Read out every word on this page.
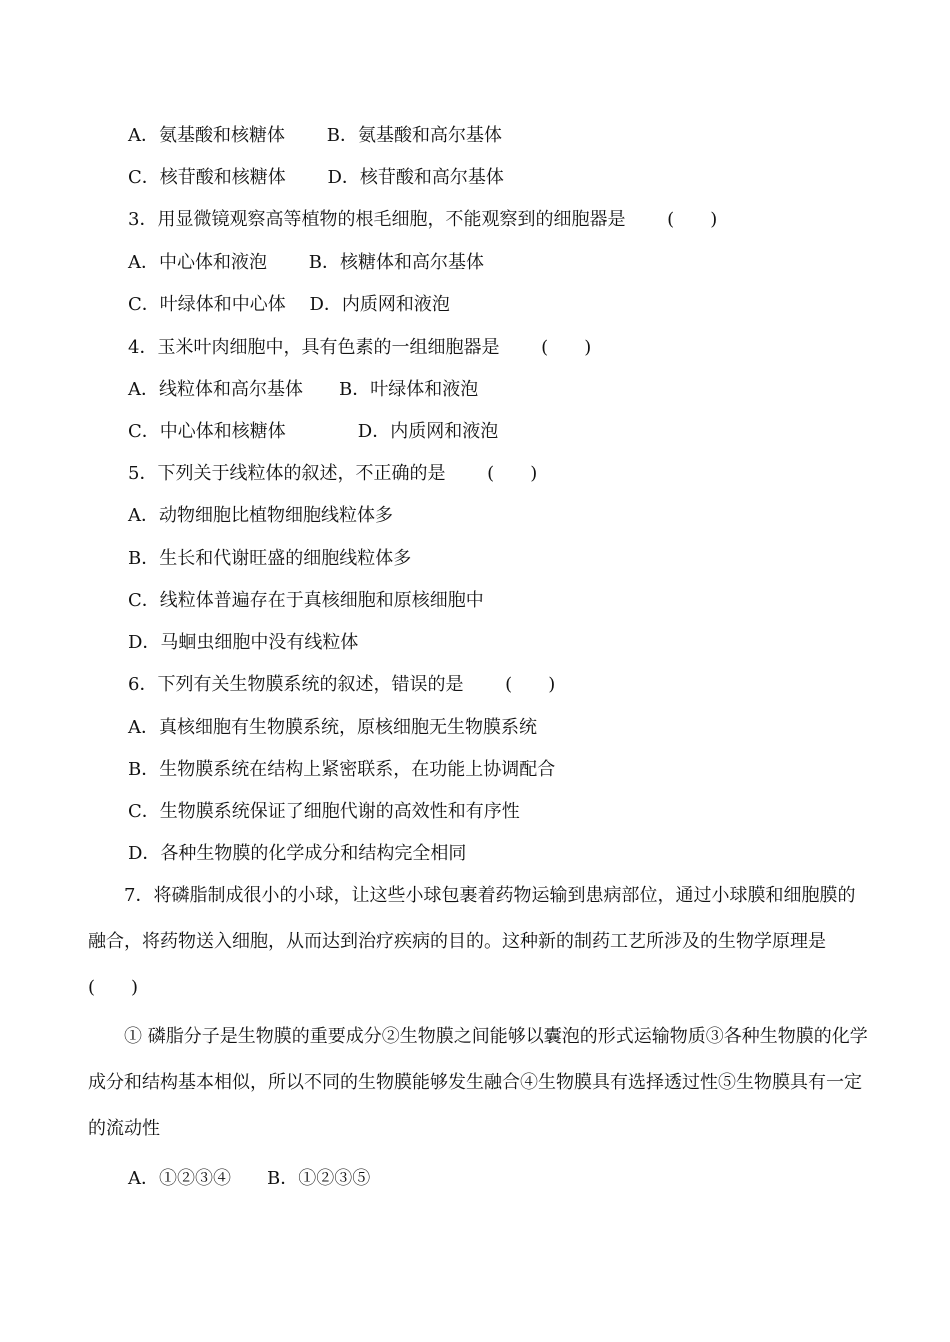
A．氨基酸和核糖体　　 B．氨基酸和高尔基体

C．核苷酸和核糖体　　 D．核苷酸和高尔基体

3．用显微镜观察高等植物的根毛细胞，不能观察到的细胞器是　　 (　　)

A．中心体和液泡　　 B．核糖体和高尔基体

C．叶绿体和中心体　 D．内质网和液泡

4．玉米叶肉细胞中，具有色素的一组细胞器是　　 (　　)

A．线粒体和高尔基体　　B．叶绿体和液泡

C．中心体和核糖体　　　　D．内质网和液泡

5．下列关于线粒体的叙述，不正确的是　　 (　　)

A．动物细胞比植物细胞线粒体多

B．生长和代谢旺盛的细胞线粒体多

C．线粒体普遍存在于真核细胞和原核细胞中

D．马蛔虫细胞中没有线粒体

6．下列有关生物膜系统的叙述，错误的是　　 (　　)

A．真核细胞有生物膜系统，原核细胞无生物膜系统

B．生物膜系统在结构上紧密联系，在功能上协调配合

C．生物膜系统保证了细胞代谢的高效性和有序性

D．各种生物膜的化学成分和结构完全相同

7．将磷脂制成很小的小球，让这些小球包裹着药物运输到患病部位，通过小球膜和细胞膜的融合，将药物送入细胞，从而达到治疗疾病的目的。这种新的制药工艺所涉及的生物学原理是　　(　　)

① 磷脂分子是生物膜的重要成分②生物膜之间能够以囊泡的形式运输物质③各种生物膜的化学成分和结构基本相似，所以不同的生物膜能够发生融合④生物膜具有选择透过性⑤生物膜具有一定的流动性

A．①②③④　　B．①②③⑤
